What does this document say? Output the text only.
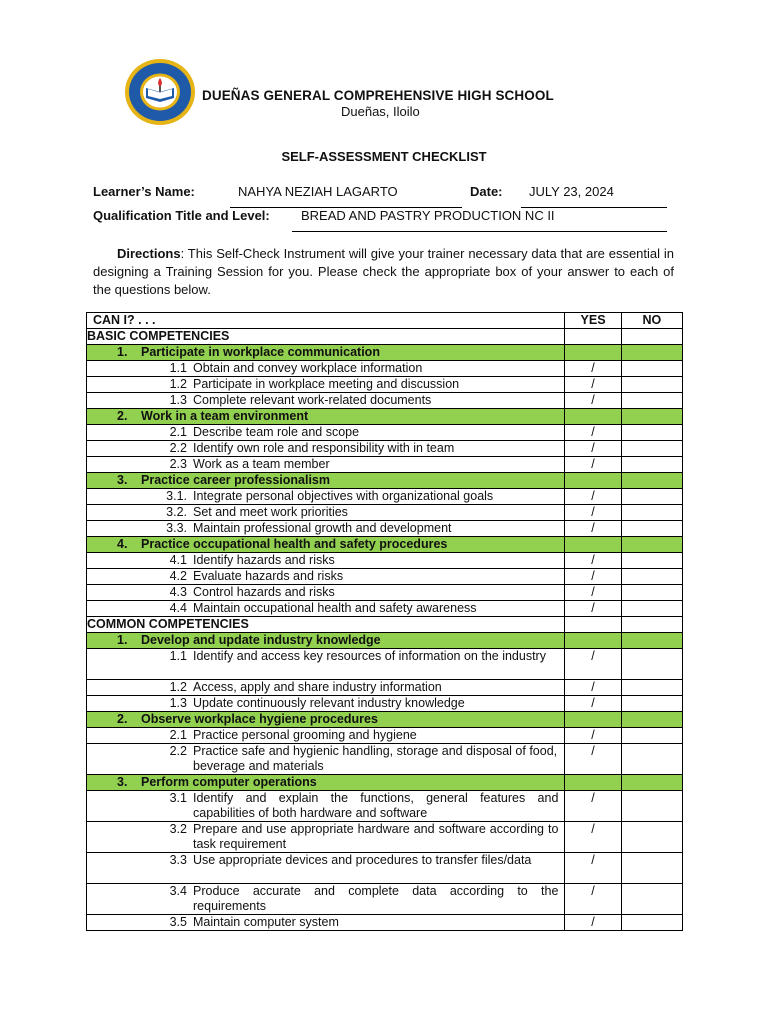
DUEÑAS GENERAL COMPREHENSIVE HIGH SCHOOL
Dueñas, Iloilo
SELF-ASSESSMENT CHECKLIST
Learner’s Name:	NAHYA NEZIAH LAGARTO	Date: JULY 23, 2024
Qualification Title and Level: BREAD AND PASTRY PRODUCTION NC II
Directions: This Self-Check Instrument will give your trainer necessary data that are essential in designing a Training Session for you. Please check the appropriate box of your answer to each of the questions below.
CAN I? . . .	YES	NO
BASIC COMPETENCIES		
1. Participate in workplace communication		

1.1 Obtain and convey workplace information	/	

1.2 Participate in workplace meeting and discussion	/	

1.3 Complete relevant work-related documents	/	
2. Work in a team environment		

2.1 Describe team role and scope	/	

2.2 Identify own role and responsibility with in team	/	

2.3 Work as a team member	/	
3. Practice career professionalism		

3.1. Integrate personal objectives with organizational goals	/	

3.2. Set and meet work priorities	/	

3.3. Maintain professional growth and development	/	
4. Practice occupational health and safety procedures		

4.1 Identify hazards and risks	/	

4.2 Evaluate hazards and risks	/	

4.3 Control hazards and risks	/	

4.4 Maintain occupational health and safety awareness	/	
COMMON COMPETENCIES		
1. Develop and update industry knowledge		

1.1 Identify and access key resources of information on the industry	/	

1.2 Access, apply and share industry information	/	

1.3 Update continuously relevant industry knowledge	/	
2. Observe workplace hygiene procedures		

2.1 Practice personal grooming and hygiene	/	

2.2 Practice safe and hygienic handling, storage and disposal of food, beverage and materials	/	
3. Perform computer operations		

3.1 Identify and explain the functions, general features and capabilities of both hardware and software	/	

3.2 Prepare and use appropriate hardware and software according to task requirement	/	

3.3 Use appropriate devices and procedures to transfer files/data	/	

3.4 Produce accurate and complete data according to the requirements	/	

3.5 Maintain computer system	/	
